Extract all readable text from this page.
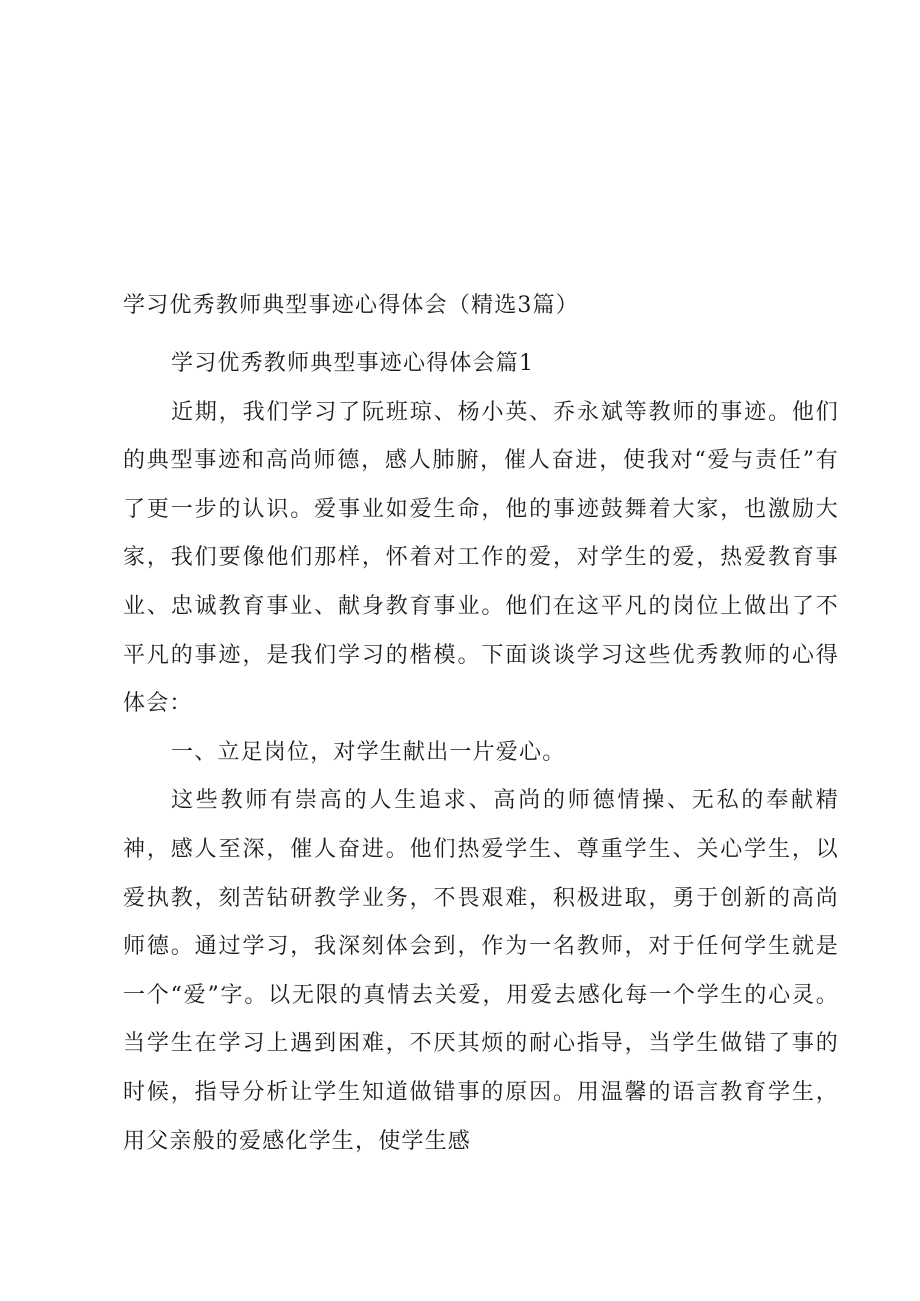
学习优秀教师典型事迹心得体会（精选3篇）

学习优秀教师典型事迹心得体会篇1

近期，我们学习了阮班琼、杨小英、乔永斌等教师的事迹。他们的典型事迹和高尚师德，感人肺腑，催人奋进，使我对“爱与责任”有了更一步的认识。爱事业如爱生命，他的事迹鼓舞着大家，也激励大家，我们要像他们那样，怀着对工作的爱，对学生的爱，热爱教育事业、忠诚教育事业、献身教育事业。他们在这平凡的岗位上做出了不平凡的事迹，是我们学习的楷模。下面谈谈学习这些优秀教师的心得体会：

一、立足岗位，对学生献出一片爱心。

这些教师有崇高的人生追求、高尚的师德情操、无私的奉献精神，感人至深，催人奋进。他们热爱学生、尊重学生、关心学生，以爱执教，刻苦钻研教学业务，不畏艰难，积极进取，勇于创新的高尚师德。通过学习，我深刻体会到，作为一名教师，对于任何学生就是一个“爱”字。以无限的真情去关爱，用爱去感化每一个学生的心灵。当学生在学习上遇到困难，不厌其烦的耐心指导，当学生做错了事的时候，指导分析让学生知道做错事的原因。用温馨的语言教育学生，用父亲般的爱感化学生，使学生感
